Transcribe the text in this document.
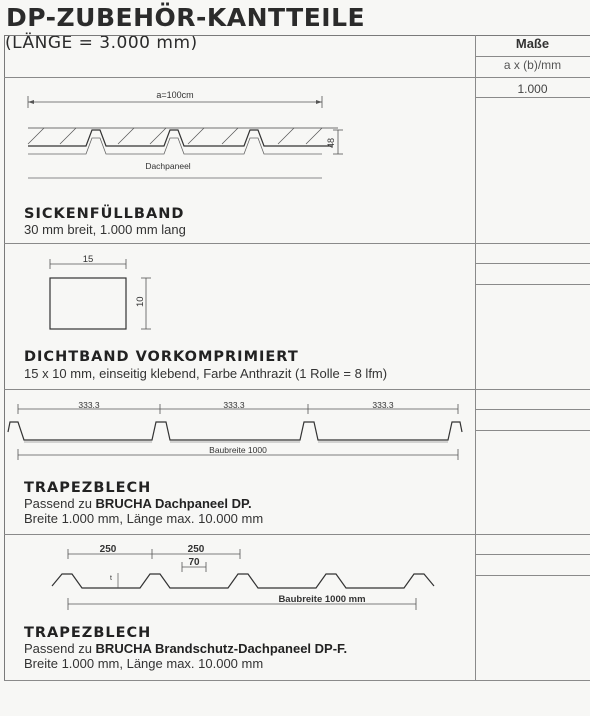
DP-ZUBEHÖR-KANTTEILE
(LÄNGE = 3.000 mm)	Maße
a x (b)/mm
1.000
a=100cm
48
Dachpaneel
SICKENFÜLLBAND
30 mm breit, 1.000 mm lang
15
10
DICHTBAND VORKOMPRIMIERT
15 x 10 mm, einseitig klebend, Farbe Anthrazit (1 Rolle = 8 lfm)
333.3	333.3	333.3
Baubreite 1000
TRAPEZBLECH
Passend zu BRUCHA Dachpaneel DP.
Breite 1.000 mm, Länge max. 10.000 mm
250	250
70
t
Baubreite 1000 mm
TRAPEZBLECH
Passend zu BRUCHA Brandschutz-Dachpaneel DP-F.
Breite 1.000 mm, Länge max. 10.000 mm
